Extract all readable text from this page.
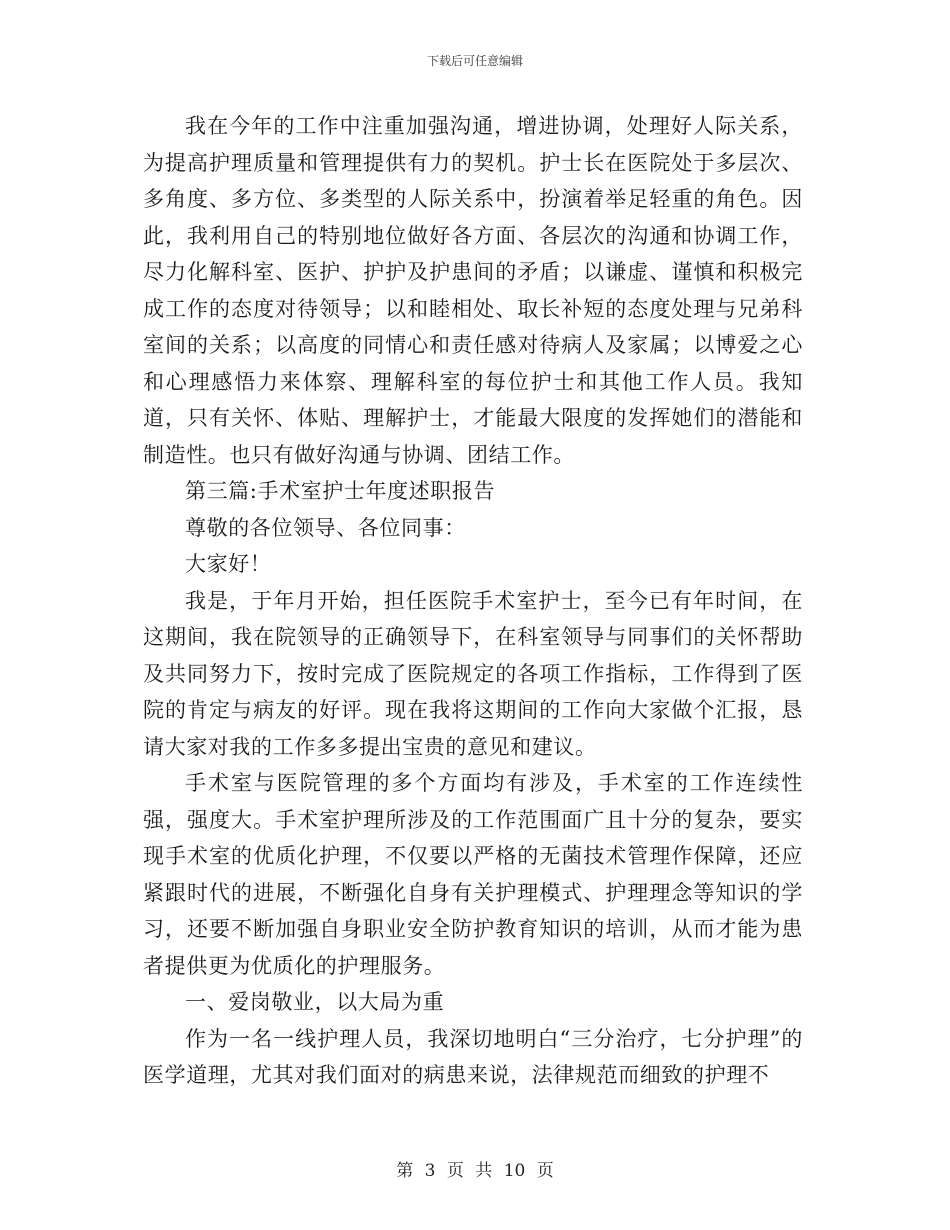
下载后可任意编辑

我在今年的工作中注重加强沟通，增进协调，处理好人际关系，为提高护理质量和管理提供有力的契机。护士长在医院处于多层次、多角度、多方位、多类型的人际关系中，扮演着举足轻重的角色。因此，我利用自己的特别地位做好各方面、各层次的沟通和协调工作，尽力化解科室、医护、护护及护患间的矛盾；以谦虚、谨慎和积极完成工作的态度对待领导；以和睦相处、取长补短的态度处理与兄弟科室间的关系；以高度的同情心和责任感对待病人及家属；以博爱之心和心理感悟力来体察、理解科室的每位护士和其他工作人员。我知道，只有关怀、体贴、理解护士，才能最大限度的发挥她们的潜能和制造性。也只有做好沟通与协调、团结工作。

第三篇:手术室护士年度述职报告

尊敬的各位领导、各位同事：

大家好！

我是，于年月开始，担任医院手术室护士，至今已有年时间，在这期间，我在院领导的正确领导下，在科室领导与同事们的关怀帮助及共同努力下，按时完成了医院规定的各项工作指标，工作得到了医院的肯定与病友的好评。现在我将这期间的工作向大家做个汇报，恳请大家对我的工作多多提出宝贵的意见和建议。

手术室与医院管理的多个方面均有涉及，手术室的工作连续性强，强度大。手术室护理所涉及的工作范围面广且十分的复杂，要实现手术室的优质化护理，不仅要以严格的无菌技术管理作保障，还应紧跟时代的进展，不断强化自身有关护理模式、护理理念等知识的学习，还要不断加强自身职业安全防护教育知识的培训，从而才能为患者提供更为优质化的护理服务。

一、爱岗敬业，以大局为重

作为一名一线护理人员，我深切地明白“三分治疗，七分护理”的医学道理，尤其对我们面对的病患来说，法律规范而细致的护理不

第 3 页 共 10 页
